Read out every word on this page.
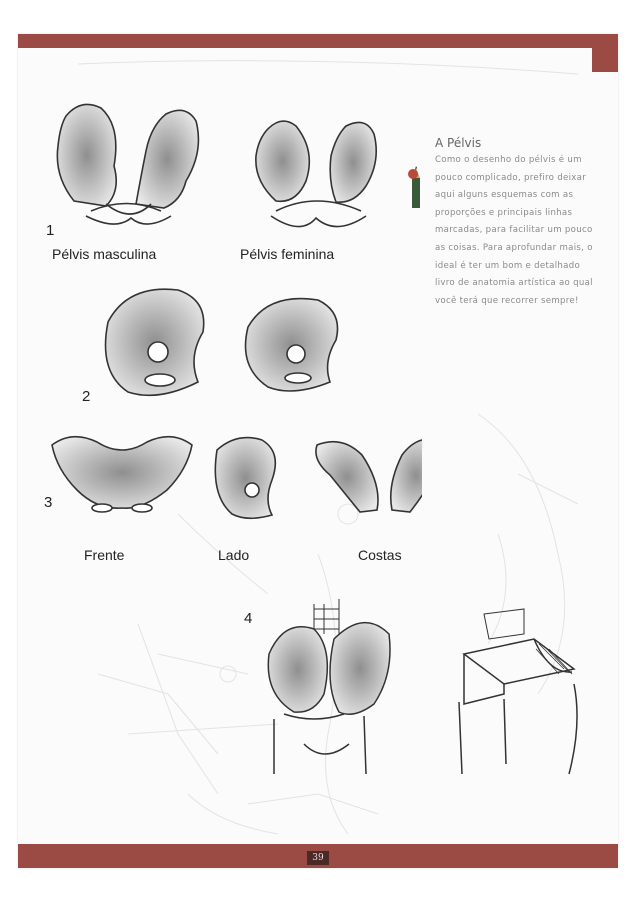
1
Pélvis masculina	Pélvis feminina
2
3
Frente	Lado	Costas
4
A Pélvis
Como o desenho do pélvis é um pouco complicado, prefiro deixar aqui alguns esquemas com as proporções e principais linhas marcadas, para facilitar um pouco as coisas. Para aprofundar mais, o ideal é ter um bom e detalhado livro de anatomia artística ao qual você terá que recorrer sempre!
39
